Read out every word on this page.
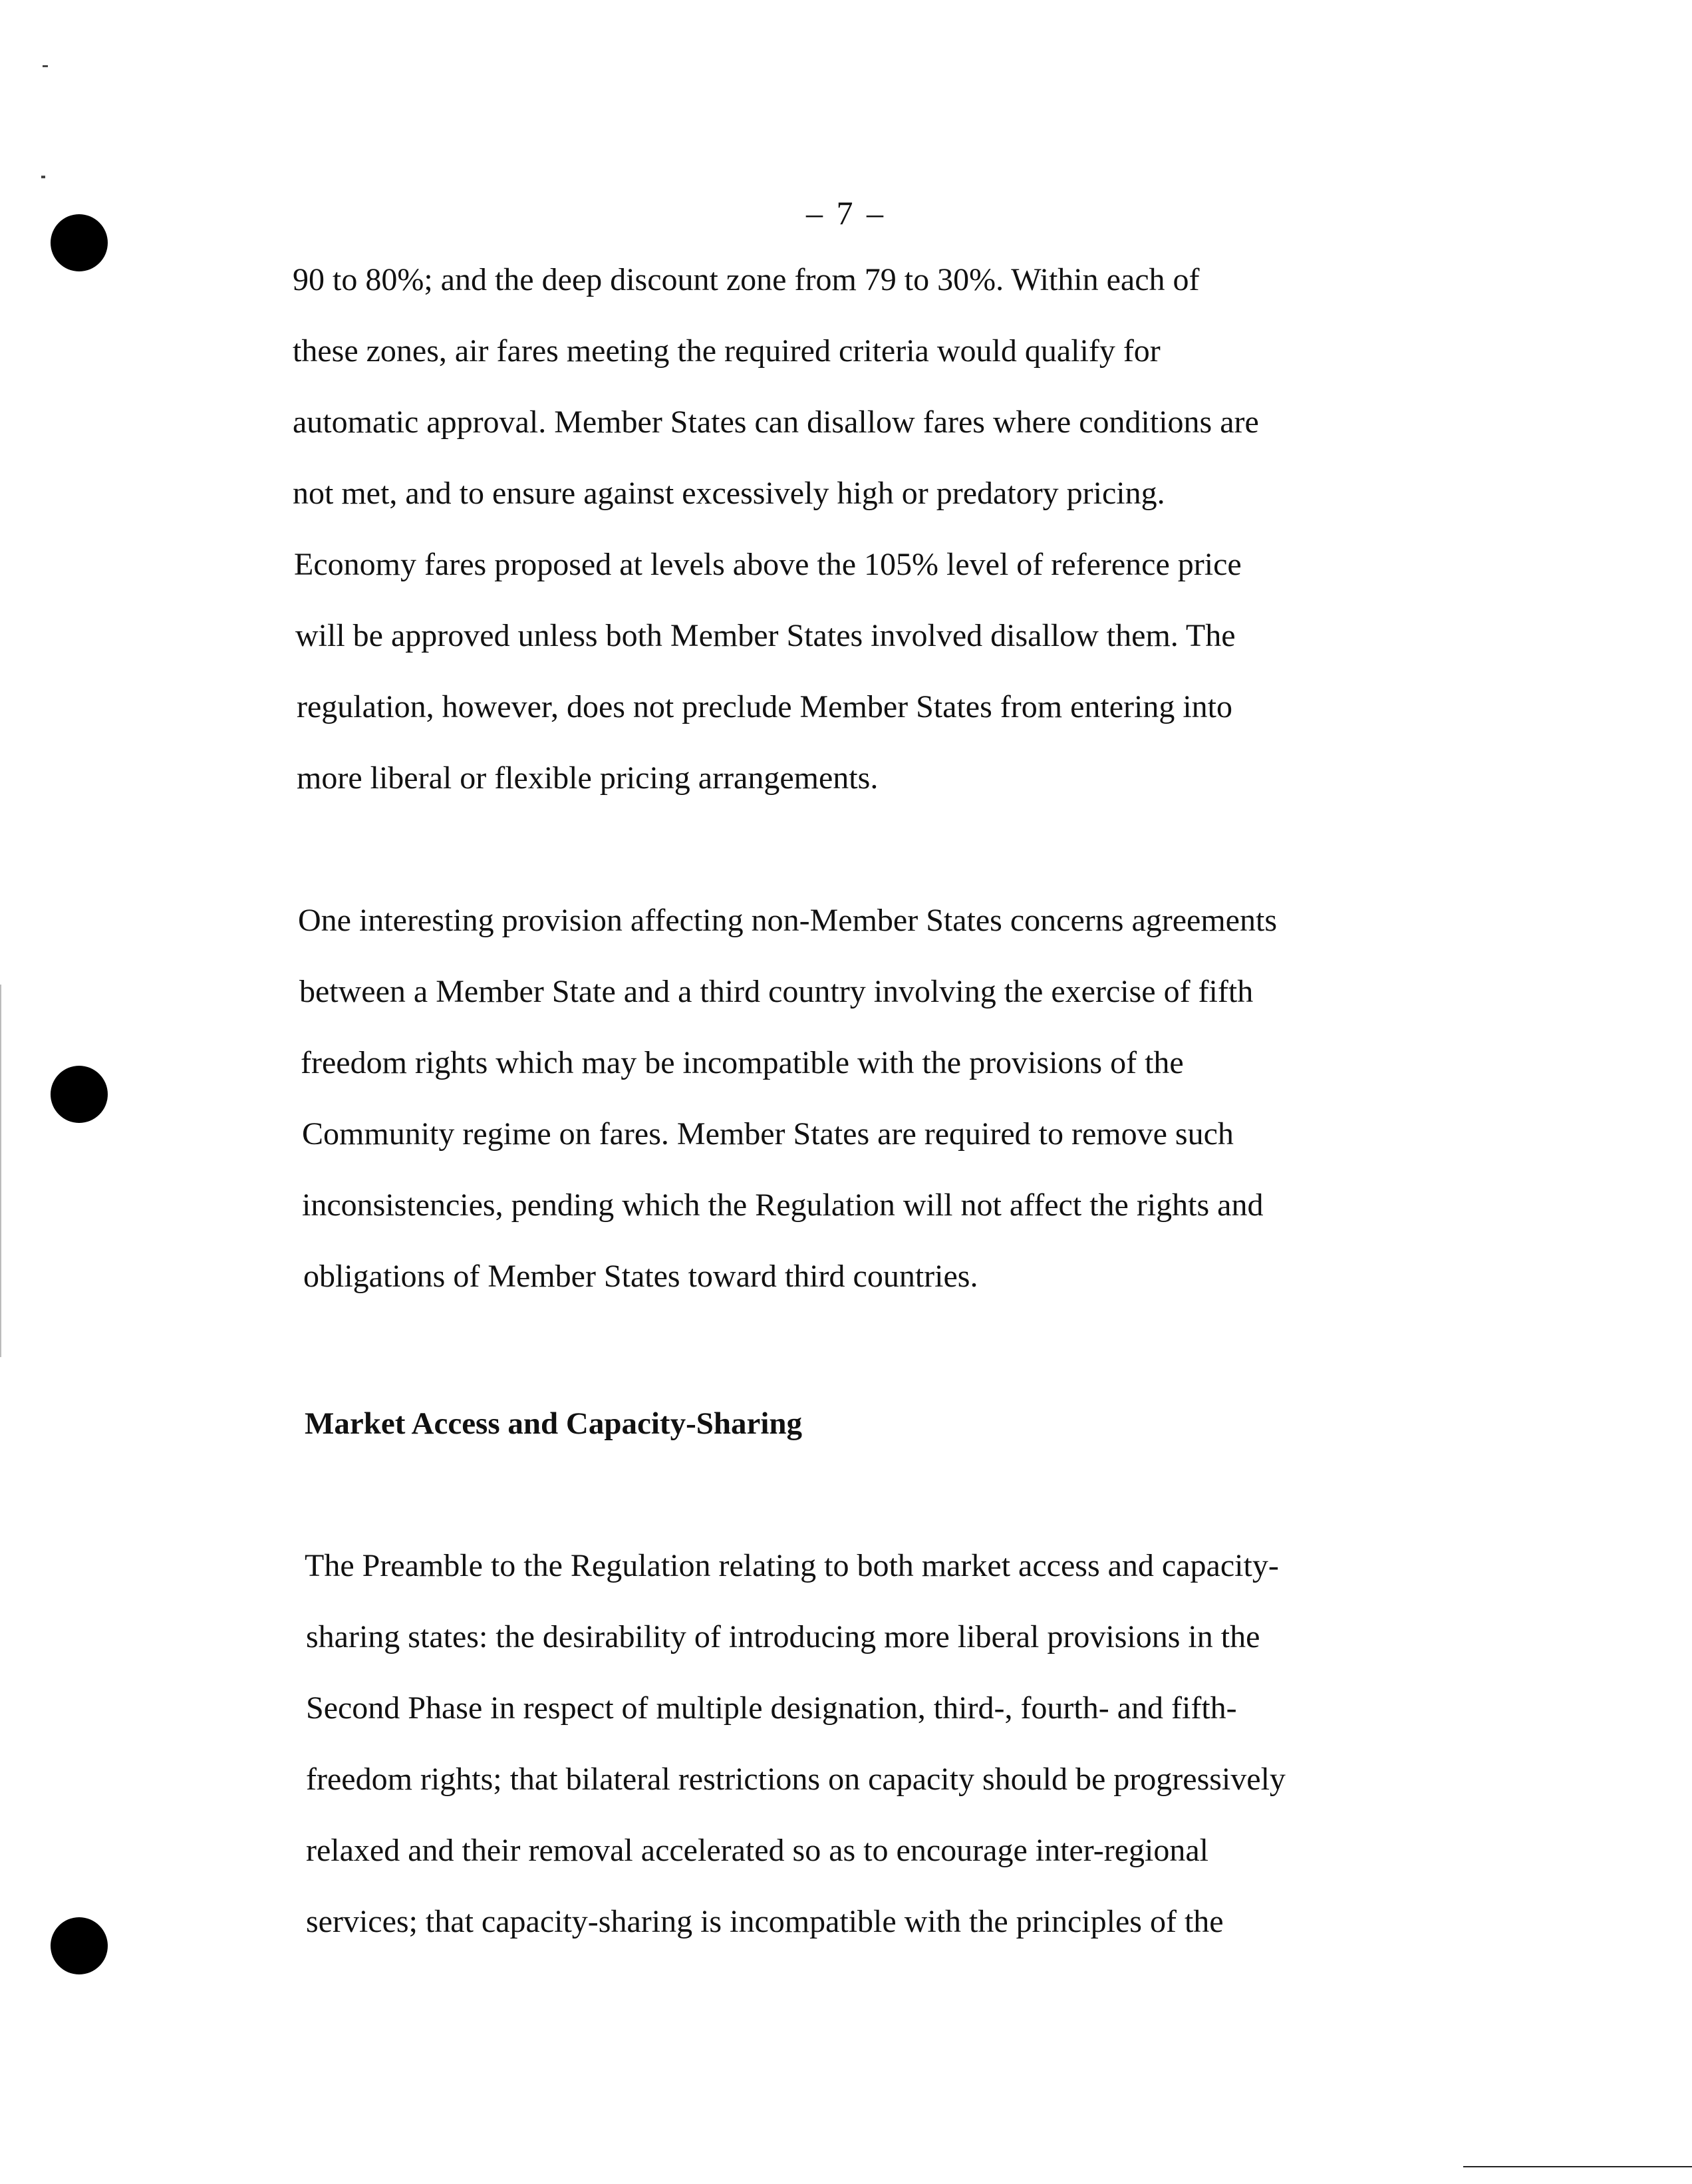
– 7 –
90 to 80%; and the deep discount zone from 79 to 30%. Within each of
these zones, air fares meeting the required criteria would qualify for
automatic approval. Member States can disallow fares where conditions are
not met, and to ensure against excessively high or predatory pricing.
Economy fares proposed at levels above the 105% level of reference price
will be approved unless both Member States involved disallow them. The
regulation, however, does not preclude Member States from entering into
more liberal or flexible pricing arrangements.
One interesting provision affecting non-Member States concerns agreements
between a Member State and a third country involving the exercise of fifth
freedom rights which may be incompatible with the provisions of the
Community regime on fares. Member States are required to remove such
inconsistencies, pending which the Regulation will not affect the rights and
obligations of Member States toward third countries.
Market Access and Capacity-Sharing
The Preamble to the Regulation relating to both market access and capacity-
sharing states: the desirability of introducing more liberal provisions in the
Second Phase in respect of multiple designation, third-, fourth- and fifth-
freedom rights; that bilateral restrictions on capacity should be progressively
relaxed and their removal accelerated so as to encourage inter-regional
services; that capacity-sharing is incompatible with the principles of the
